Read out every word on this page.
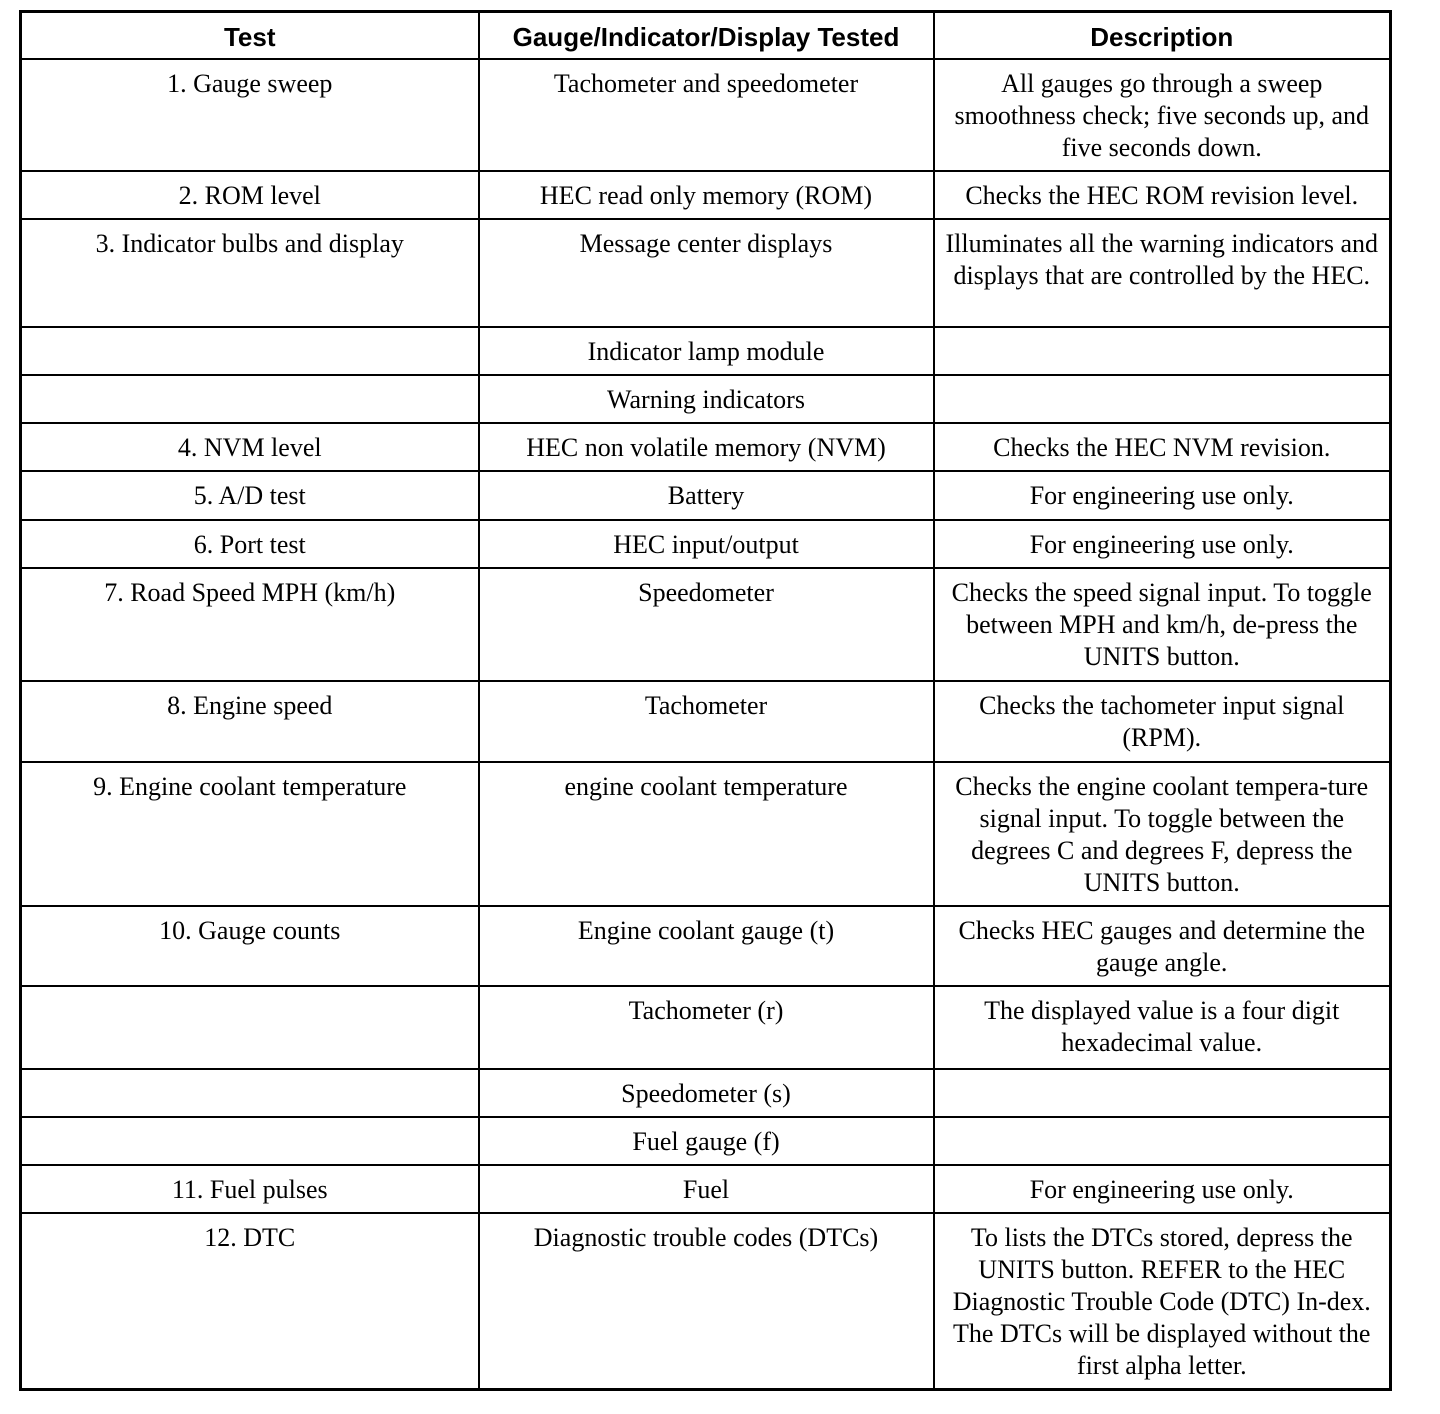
Test	Gauge/Indicator/Display Tested	Description
1. Gauge sweep	Tachometer and speedometer	All gauges go through a sweep smoothness check; five seconds up, and five seconds down.
2. ROM level	HEC read only memory (ROM)	Checks the HEC ROM revision level.
3. Indicator bulbs and display	Message center displays	Illuminates all the warning indicators and displays that are controlled by the HEC.
	Indicator lamp module	
	Warning indicators	
4. NVM level	HEC non volatile memory (NVM)	Checks the HEC NVM revision.
5. A/D test	Battery	For engineering use only.
6. Port test	HEC input/output	For engineering use only.
7. Road Speed MPH (km/h)	Speedometer	Checks the speed signal input. To toggle between MPH and km/h, de-press the UNITS button.
8. Engine speed	Tachometer	Checks the tachometer input signal (RPM).
9. Engine coolant temperature	engine coolant temperature	Checks the engine coolant tempera-ture signal input. To toggle between the degrees C and degrees F, depress the UNITS button.
10. Gauge counts	Engine coolant gauge (t)	Checks HEC gauges and determine the gauge angle.
	Tachometer (r)	The displayed value is a four digit hexadecimal value.
	Speedometer (s)	
	Fuel gauge (f)	
11. Fuel pulses	Fuel	For engineering use only.
12. DTC	Diagnostic trouble codes (DTCs)	To lists the DTCs stored, depress the UNITS button. REFER to the HEC Diagnostic Trouble Code (DTC) In-dex. The DTCs will be displayed without the first alpha letter.
